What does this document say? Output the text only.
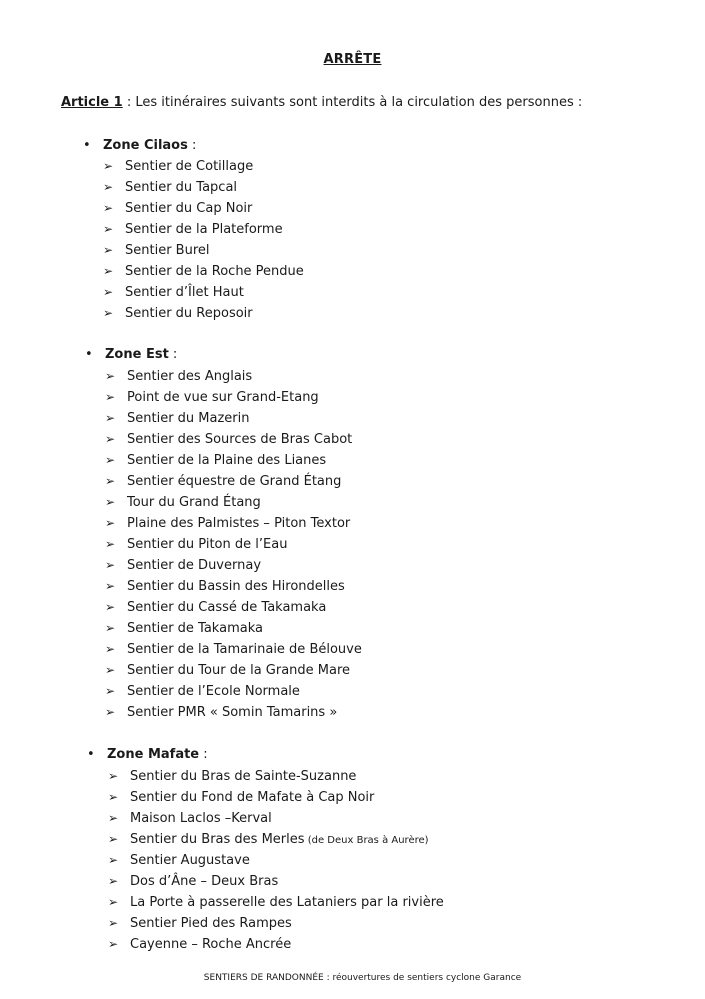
ARRÊTE
Article 1 : Les itinéraires suivants sont interdits à la circulation des personnes :
• Zone Cilaos :
➢ Sentier de Cotillage
➢ Sentier du Tapcal
➢ Sentier du Cap Noir
➢ Sentier de la Plateforme
➢ Sentier Burel
➢ Sentier de la Roche Pendue
➢ Sentier d’Îlet Haut
➢ Sentier du Reposoir
• Zone Est :
➢ Sentier des Anglais
➢ Point de vue sur Grand-Etang
➢ Sentier du Mazerin
➢ Sentier des Sources de Bras Cabot
➢ Sentier de la Plaine des Lianes
➢ Sentier équestre de Grand Étang
➢ Tour du Grand Étang
➢ Plaine des Palmistes – Piton Textor
➢ Sentier du Piton de l’Eau
➢ Sentier de Duvernay
➢ Sentier du Bassin des Hirondelles
➢ Sentier du Cassé de Takamaka
➢ Sentier de Takamaka
➢ Sentier de la Tamarinaie de Bélouve
➢ Sentier du Tour de la Grande Mare
➢ Sentier de l’Ecole Normale
➢ Sentier PMR « Somin Tamarins »
• Zone Mafate :
➢ Sentier du Bras de Sainte-Suzanne
➢ Sentier du Fond de Mafate à Cap Noir
➢ Maison Laclos –Kerval
➢ Sentier du Bras des Merles (de Deux Bras à Aurère)
➢ Sentier Augustave
➢ Dos d’Âne – Deux Bras
➢ La Porte à passerelle des Lataniers par la rivière
➢ Sentier Pied des Rampes
➢ Cayenne – Roche Ancrée
SENTIERS DE RANDONNÉE : réouvertures de sentiers cyclone Garance
